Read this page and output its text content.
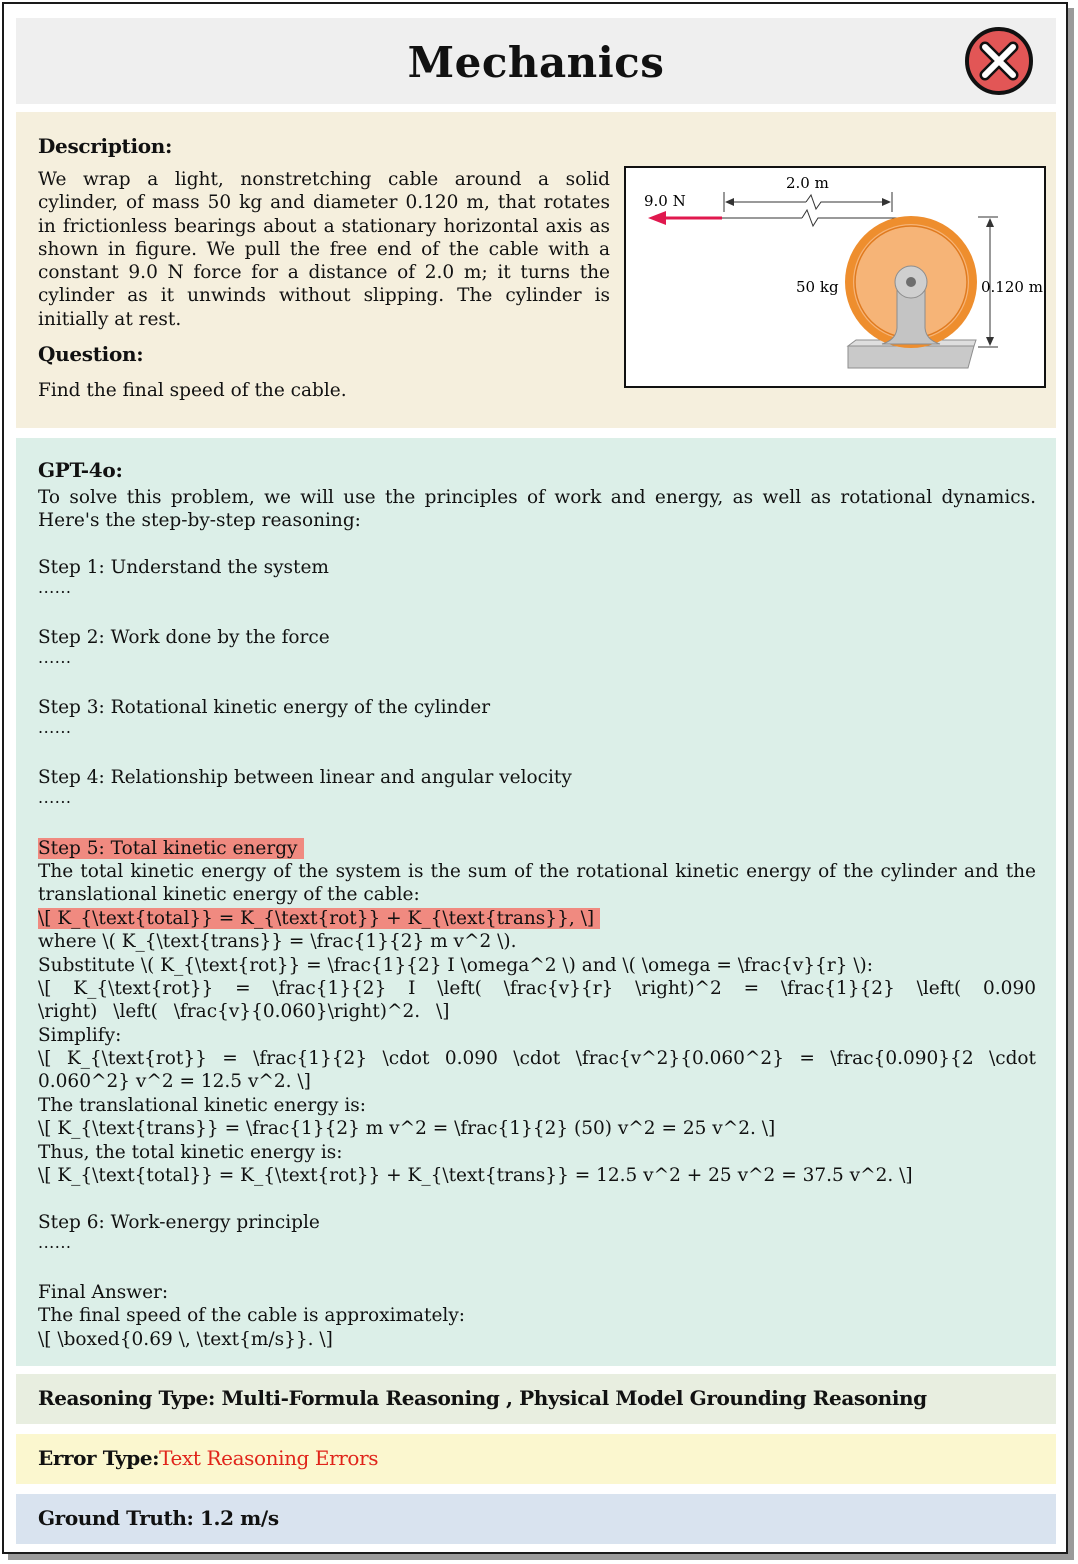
Mechanics
Description:
We wrap a light, nonstretching cable around a solid cylinder, of mass 50 kg and diameter 0.120 m, that rotates in frictionless bearings about a stationary horizontal axis as shown in figure. We pull the free end of the cable with a constant 9.0 N force for a distance of 2.0 m; it turns the cylinder as it unwinds without slipping. The cylinder is initially at rest.
Question:
Find the final speed of the cable.
9.0 N
2.0 m
50 kg	0.120 m
GPT-4o:
To solve this problem, we will use the principles of work and energy, as well as rotational dynamics. Here's the step-by-step reasoning:
Step 1: Understand the system
......
Step 2: Work done by the force
......
Step 3: Rotational kinetic energy of the cylinder
......
Step 4: Relationship between linear and angular velocity
......
Step 5: Total kinetic energy
The total kinetic energy of the system is the sum of the rotational kinetic energy of the cylinder and the translational kinetic energy of the cable:
\[ K_{\text{total}} = K_{\text{rot}} + K_{\text{trans}}, \]
where \( K_{\text{trans}} = \frac{1}{2} m v^2 \).
Substitute \( K_{\text{rot}} = \frac{1}{2} I \omega^2 \) and \( \omega = \frac{v}{r} \):
\[ K_{\text{rot}} = \frac{1}{2} I \left( \frac{v}{r} \right)^2 = \frac{1}{2} \left( 0.090 \right) \left( \frac{v}{0.060}\right)^2. \]
Simplify:
\[ K_{\text{rot}} = \frac{1}{2} \cdot 0.090 \cdot \frac{v^2}{0.060^2} = \frac{0.090}{2 \cdot 0.060^2} v^2 = 12.5 v^2. \]
The translational kinetic energy is:
\[ K_{\text{trans}} = \frac{1}{2} m v^2 = \frac{1}{2} (50) v^2 = 25 v^2. \]
Thus, the total kinetic energy is:
\[ K_{\text{total}} = K_{\text{rot}} + K_{\text{trans}} = 12.5 v^2 + 25 v^2 = 37.5 v^2. \]
Step 6: Work-energy principle
......
Final Answer:
The final speed of the cable is approximately:
\[ \boxed{0.69 \, \text{m/s}}. \]
Reasoning Type: Multi-Formula Reasoning , Physical Model Grounding Reasoning
Error Type:Text Reasoning Errors
Ground Truth: 1.2 m/s
